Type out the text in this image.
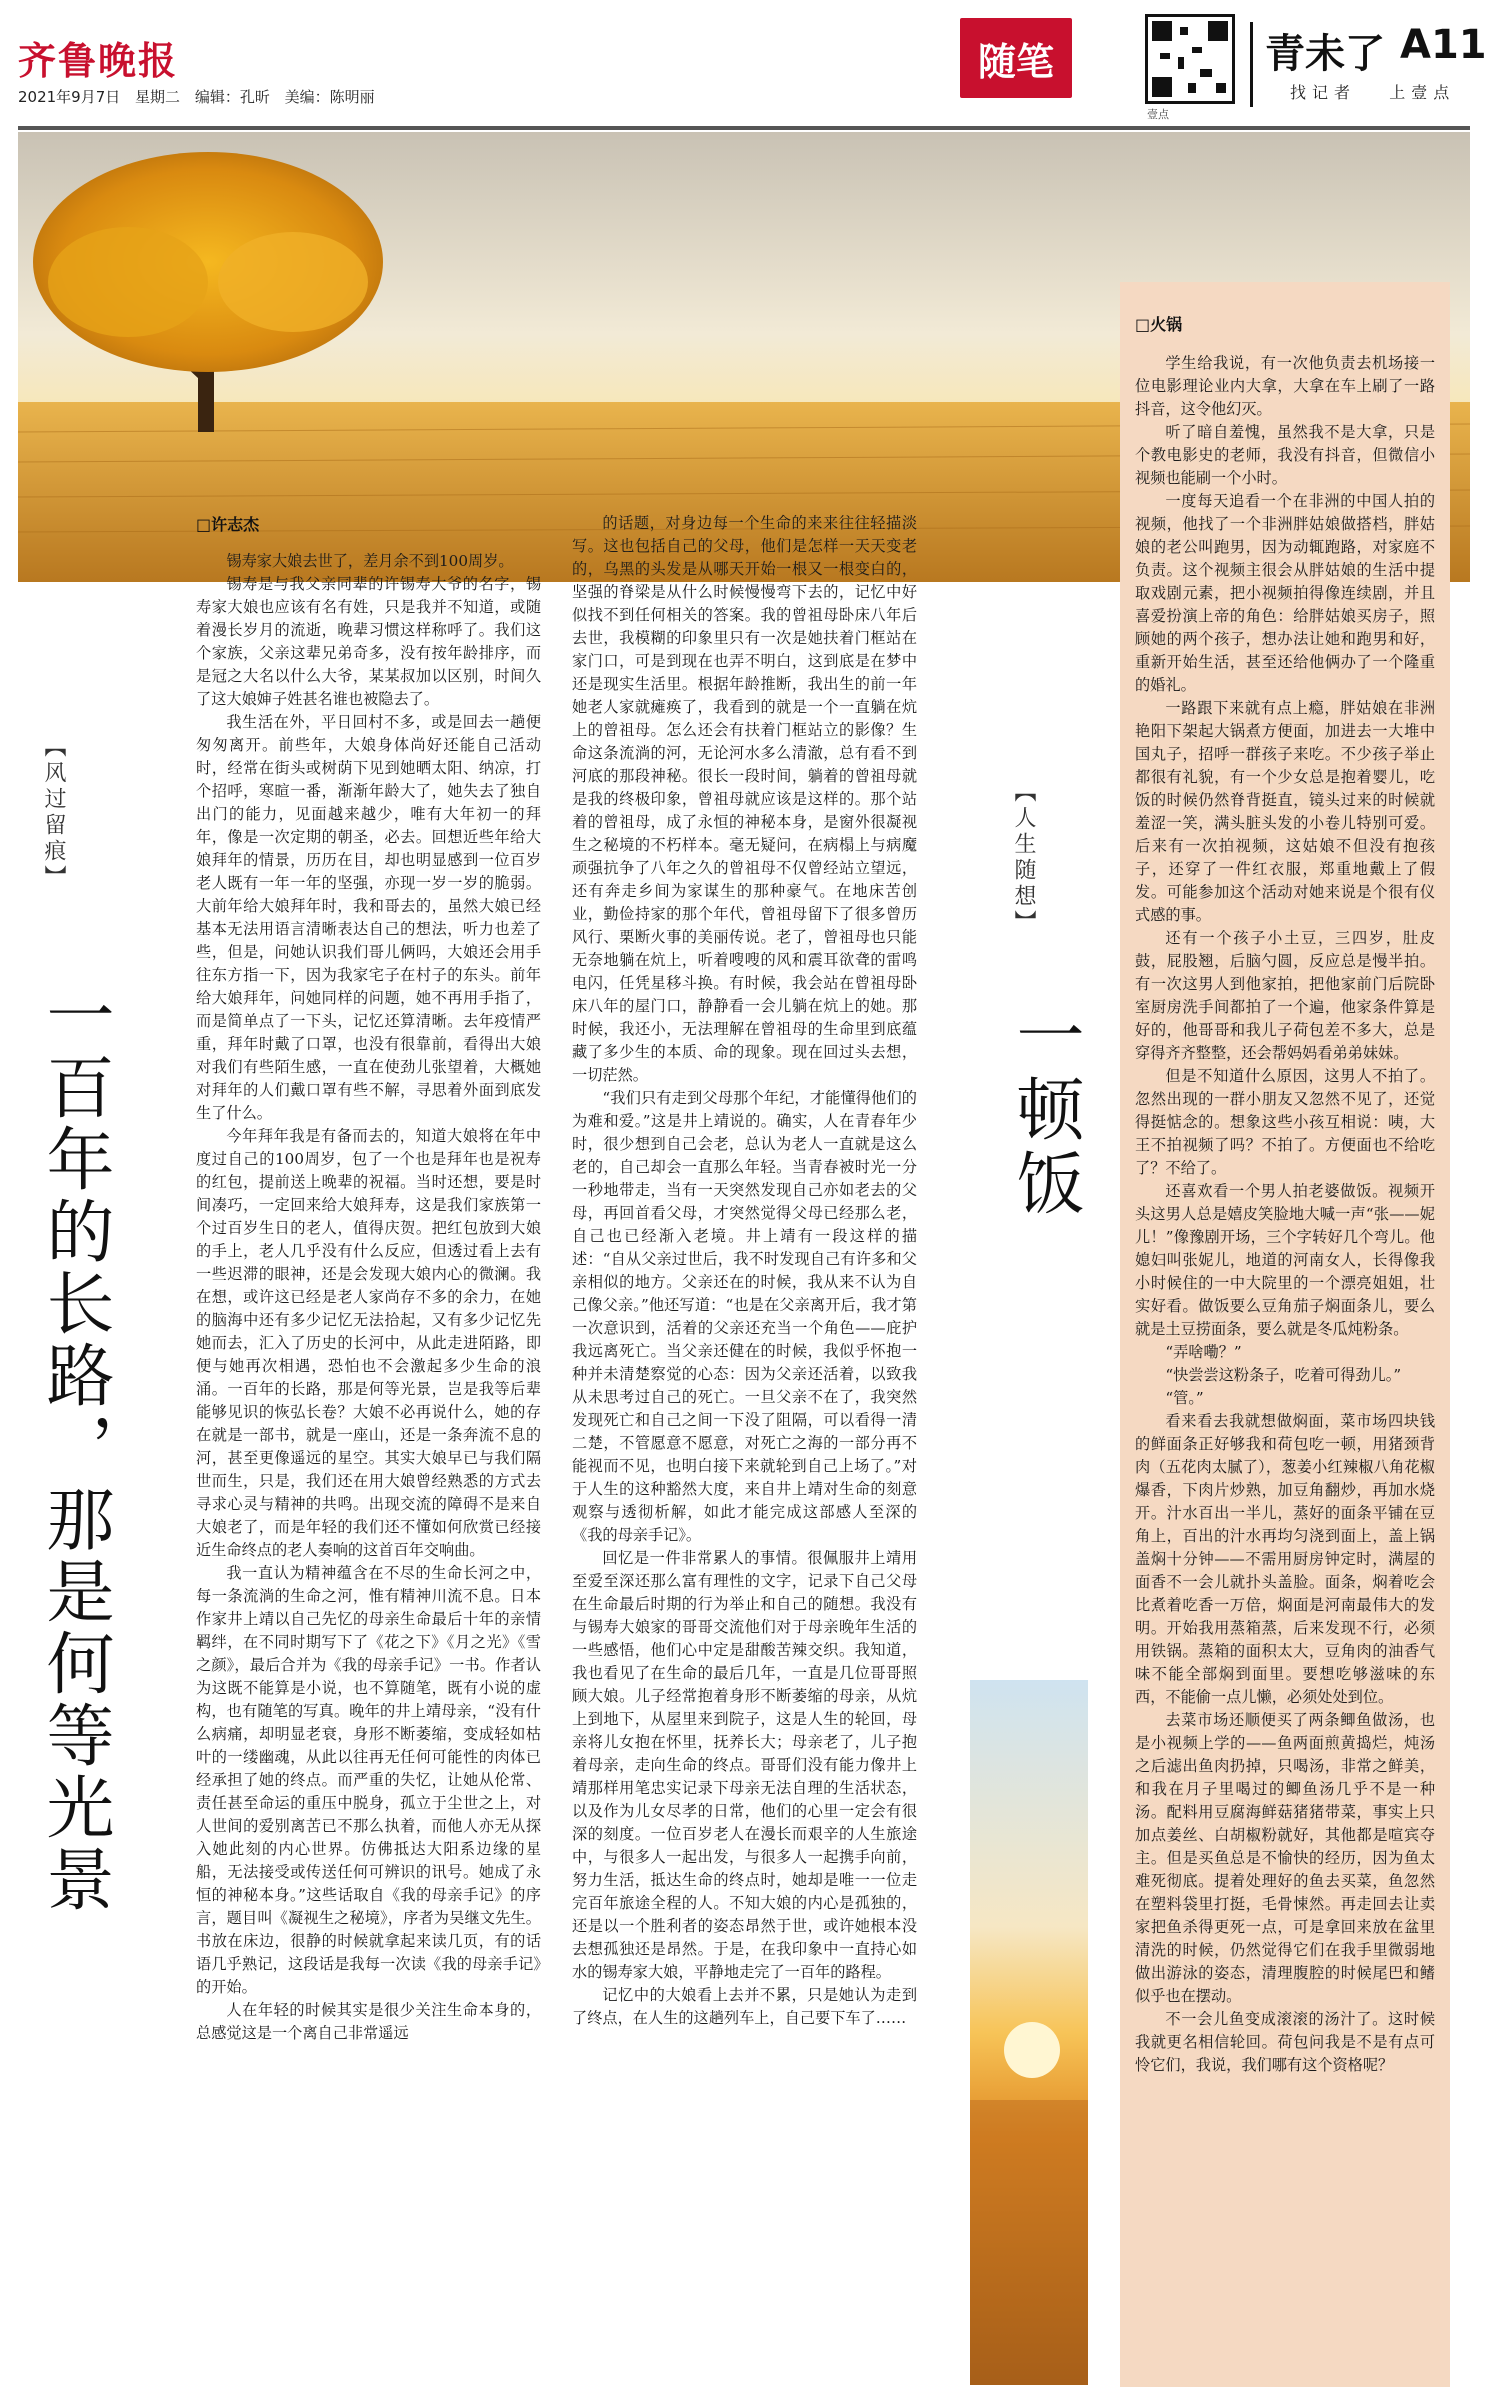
齐鲁晚报
2021年9月7日 星期二 编辑：孔昕 美编：陈明丽
随笔
壹点
青未了 A11
找记者 上壹点
【风过留痕】
一百年的长路，那是何等光景
□许志杰

锡寿家大娘去世了，差月余不到100周岁。

锡寿是与我父亲同辈的许锡寿大爷的名字，锡寿家大娘也应该有名有姓，只是我并不知道，或随着漫长岁月的流逝，晚辈习惯这样称呼了。我们这个家族，父亲这辈兄弟奇多，没有按年龄排序，而是冠之大名以什么大爷，某某叔加以区别，时间久了这大娘婶子姓甚名谁也被隐去了。

我生活在外，平日回村不多，或是回去一趟便匆匆离开。前些年，大娘身体尚好还能自己活动时，经常在街头或树荫下见到她晒太阳、纳凉，打个招呼，寒暄一番，渐渐年龄大了，她失去了独自出门的能力，见面越来越少，唯有大年初一的拜年，像是一次定期的朝圣，必去。回想近些年给大娘拜年的情景，历历在目，却也明显感到一位百岁老人既有一年一年的坚强，亦现一岁一岁的脆弱。大前年给大娘拜年时，我和哥去的，虽然大娘已经基本无法用语言清晰表达自己的想法，听力也差了些，但是，问她认识我们哥儿俩吗，大娘还会用手往东方指一下，因为我家宅子在村子的东头。前年给大娘拜年，问她同样的问题，她不再用手指了，而是简单点了一下头，记忆还算清晰。去年疫情严重，拜年时戴了口罩，也没有很靠前，看得出大娘对我们有些陌生感，一直在使劲儿张望着，大概她对拜年的人们戴口罩有些不解，寻思着外面到底发生了什么。

今年拜年我是有备而去的，知道大娘将在年中度过自己的100周岁，包了一个也是拜年也是祝寿的红包，提前送上晚辈的祝福。当时还想，要是时间凑巧，一定回来给大娘拜寿，这是我们家族第一个过百岁生日的老人，值得庆贺。把红包放到大娘的手上，老人几乎没有什么反应，但透过看上去有一些迟滞的眼神，还是会发现大娘内心的微澜。我在想，或许这已经是老人家尚存不多的余力，在她的脑海中还有多少记忆无法拾起，又有多少记忆先她而去，汇入了历史的长河中，从此走进陌路，即便与她再次相遇，恐怕也不会激起多少生命的浪涌。一百年的长路，那是何等光景，岂是我等后辈能够见识的恢弘长卷？大娘不必再说什么，她的存在就是一部书，就是一座山，还是一条奔流不息的河，甚至更像遥远的星空。其实大娘早已与我们隔世而生，只是，我们还在用大娘曾经熟悉的方式去寻求心灵与精神的共鸣。出现交流的障碍不是来自大娘老了，而是年轻的我们还不懂如何欣赏已经接近生命终点的老人奏响的这首百年交响曲。

我一直认为精神蕴含在不尽的生命长河之中，每一条流淌的生命之河，惟有精神川流不息。日本作家井上靖以自己先忆的母亲生命最后十年的亲情羁绊，在不同时期写下了《花之下》《月之光》《雪之颜》，最后合并为《我的母亲手记》一书。作者认为这既不能算是小说，也不算随笔，既有小说的虚构，也有随笔的写真。晚年的井上靖母亲，“没有什么病痛，却明显老衰，身形不断萎缩，变成轻如枯叶的一缕幽魂，从此以往再无任何可能性的肉体已经承担了她的终点。而严重的失忆，让她从伦常、责任甚至命运的重压中脱身，孤立于尘世之上，对人世间的爱别离苦已不那么执着，而他人亦无从探入她此刻的内心世界。仿佛抵达大阳系边缘的星船，无法接受或传送任何可辨识的讯号。她成了永恒的神秘本身。”这些话取自《我的母亲手记》的序言，题目叫《凝视生之秘境》，序者为吴继文先生。书放在床边，很静的时候就拿起来读几页，有的话语几乎熟记，这段话是我每一次读《我的母亲手记》的开始。

人在年轻的时候其实是很少关注生命本身的，总感觉这是一个离自己非常遥远

的话题，对身边每一个生命的来来往往轻描淡写。这也包括自己的父母，他们是怎样一天天变老的，乌黑的头发是从哪天开始一根又一根变白的，坚强的脊梁是从什么时候慢慢弯下去的，记忆中好似找不到任何相关的答案。我的曾祖母卧床八年后去世，我模糊的印象里只有一次是她扶着门框站在家门口，可是到现在也弄不明白，这到底是在梦中还是现实生活里。根据年龄推断，我出生的前一年她老人家就瘫痪了，我看到的就是一个一直躺在炕上的曾祖母。怎么还会有扶着门框站立的影像？生命这条流淌的河，无论河水多么清澈，总有看不到河底的那段神秘。很长一段时间，躺着的曾祖母就是我的终极印象，曾祖母就应该是这样的。那个站着的曾祖母，成了永恒的神秘本身，是窗外很凝视生之秘境的不朽样本。毫无疑问，在病榻上与病魔顽强抗争了八年之久的曾祖母不仅曾经站立望远，还有奔走乡间为家谋生的那种豪气。在地床苦创业，勤俭持家的那个年代，曾祖母留下了很多曾历风行、栗断火事的美丽传说。老了，曾祖母也只能无奈地躺在炕上，听着嗖嗖的风和震耳欲聋的雷鸣电闪，任凭星移斗换。有时候，我会站在曾祖母卧床八年的屋门口，静静看一会儿躺在炕上的她。那时候，我还小，无法理解在曾祖母的生命里到底蕴藏了多少生的本质、命的现象。现在回过头去想，一切茫然。

“我们只有走到父母那个年纪，才能懂得他们的为难和爱。”这是井上靖说的。确实，人在青春年少时，很少想到自己会老，总认为老人一直就是这么老的，自己却会一直那么年轻。当青春被时光一分一秒地带走，当有一天突然发现自己亦如老去的父母，再回首看父母，才突然觉得父母已经那么老，自己也已经渐入老境。井上靖有一段这样的描述：“自从父亲过世后，我不时发现自己有许多和父亲相似的地方。父亲还在的时候，我从来不认为自己像父亲。”他还写道：“也是在父亲离开后，我才第一次意识到，活着的父亲还充当一个角色——庇护我远离死亡。当父亲还健在的时候，我似乎怀抱一种并未清楚察觉的心态：因为父亲还活着，以致我从未思考过自己的死亡。一旦父亲不在了，我突然发现死亡和自己之间一下没了阻隔，可以看得一清二楚，不管愿意不愿意，对死亡之海的一部分再不能视而不见，也明白接下来就轮到自己上场了。”对于人生的这种豁然大度，来自井上靖对生命的刻意观察与透彻析解，如此才能完成这部感人至深的《我的母亲手记》。

回忆是一件非常累人的事情。很佩服井上靖用至爱至深还那么富有理性的文字，记录下自己父母在生命最后时期的行为举止和自己的随想。我没有与锡寿大娘家的哥哥交流他们对于母亲晚年生活的一些感悟，他们心中定是甜酸苦辣交织。我知道，我也看见了在生命的最后几年，一直是几位哥哥照顾大娘。儿子经常抱着身形不断萎缩的母亲，从炕上到地下，从屋里来到院子，这是人生的轮回，母亲将儿女抱在怀里，抚养长大；母亲老了，儿子抱着母亲，走向生命的终点。哥哥们没有能力像井上靖那样用笔忠实记录下母亲无法自理的生活状态，以及作为儿女尽孝的日常，他们的心里一定会有很深的刻度。一位百岁老人在漫长而艰辛的人生旅途中，与很多人一起出发，与很多人一起携手向前，努力生活，抵达生命的终点时，她却是唯一一位走完百年旅途全程的人。不知大娘的内心是孤独的，还是以一个胜利者的姿态昂然于世，或许她根本没去想孤独还是昂然。于是，在我印象中一直持心如水的锡寿家大娘，平静地走完了一百年的路程。

记忆中的大娘看上去并不累，只是她认为走到了终点，在人生的这趟列车上，自己要下车了……

【人生随想】
一顿饭
□火锅

学生给我说，有一次他负责去机场接一位电影理论业内大拿，大拿在车上刷了一路抖音，这令他幻灭。

听了暗自羞愧，虽然我不是大拿，只是个教电影史的老师，我没有抖音，但微信小视频也能刷一个小时。

一度每天追看一个在非洲的中国人拍的视频，他找了一个非洲胖姑娘做搭档，胖姑娘的老公叫跑男，因为动辄跑路，对家庭不负责。这个视频主很会从胖姑娘的生活中提取戏剧元素，把小视频拍得像连续剧，并且喜爱扮演上帝的角色：给胖姑娘买房子，照顾她的两个孩子，想办法让她和跑男和好，重新开始生活，甚至还给他俩办了一个隆重的婚礼。

一路跟下来就有点上瘾，胖姑娘在非洲艳阳下架起大锅煮方便面，加进去一大堆中国丸子，招呼一群孩子来吃。不少孩子举止都很有礼貌，有一个少女总是抱着婴儿，吃饭的时候仍然脊背挺直，镜头过来的时候就羞涩一笑，满头脏头发的小卷儿特别可爱。后来有一次拍视频，这姑娘不但没有抱孩子，还穿了一件红衣服，郑重地戴上了假发。可能参加这个活动对她来说是个很有仪式感的事。

还有一个孩子小土豆，三四岁，肚皮鼓，屁股翘，后脑勺圆，反应总是慢半拍。有一次这男人到他家拍，把他家前门后院卧室厨房洗手间都拍了一个遍，他家条件算是好的，他哥哥和我儿子荷包差不多大，总是穿得齐齐整整，还会帮妈妈看弟弟妹妹。

但是不知道什么原因，这男人不拍了。忽然出现的一群小朋友又忽然不见了，还觉得挺惦念的。想象这些小孩互相说：咦，大王不拍视频了吗？不拍了。方便面也不给吃了？不给了。

还喜欢看一个男人拍老婆做饭。视频开头这男人总是嬉皮笑脸地大喊一声“张——妮儿！”像豫剧开场，三个字转好几个弯儿。他媳妇叫张妮儿，地道的河南女人，长得像我小时候住的一中大院里的一个漂亮姐姐，壮实好看。做饭要么豆角茄子焖面条儿，要么就是土豆捞面条，要么就是冬瓜炖粉条。

“弄啥嘞？”

“快尝尝这粉条子，吃着可得劲儿。”

“管。”

看来看去我就想做焖面，菜市场四块钱的鲜面条正好够我和荷包吃一顿，用猪颈背肉（五花肉太腻了），葱姜小红辣椒八角花椒爆香，下肉片炒熟，加豆角翻炒，再加水烧开。汁水百出一半儿，蒸好的面条平铺在豆角上，百出的汁水再均匀浇到面上，盖上锅盖焖十分钟——不需用厨房钟定时，满屋的面香不一会儿就扑头盖脸。面条，焖着吃会比煮着吃香一万倍，焖面是河南最伟大的发明。开始我用蒸箱蒸，后来发现不行，必须用铁锅。蒸箱的面积太大，豆角肉的油香气味不能全部焖到面里。要想吃够滋味的东西，不能偷一点儿懒，必须处处到位。

去菜市场还顺便买了两条鲫鱼做汤，也是小视频上学的——鱼两面煎黄捣烂，炖汤之后滤出鱼肉扔掉，只喝汤，非常之鲜美，和我在月子里喝过的鲫鱼汤几乎不是一种汤。配料用豆腐海鲜菇猪猪带菜，事实上只加点姜丝、白胡椒粉就好，其他都是喧宾夺主。但是买鱼总是不愉快的经历，因为鱼太难死彻底。提着处理好的鱼去买菜，鱼忽然在塑料袋里打挺，毛骨悚然。再走回去让卖家把鱼杀得更死一点，可是拿回来放在盆里清洗的时候，仍然觉得它们在我手里微弱地做出游泳的姿态，清理腹腔的时候尾巴和鳍似乎也在摆动。

不一会儿鱼变成滚滚的汤汁了。这时候我就更名相信轮回。荷包问我是不是有点可怜它们，我说，我们哪有这个资格呢？
